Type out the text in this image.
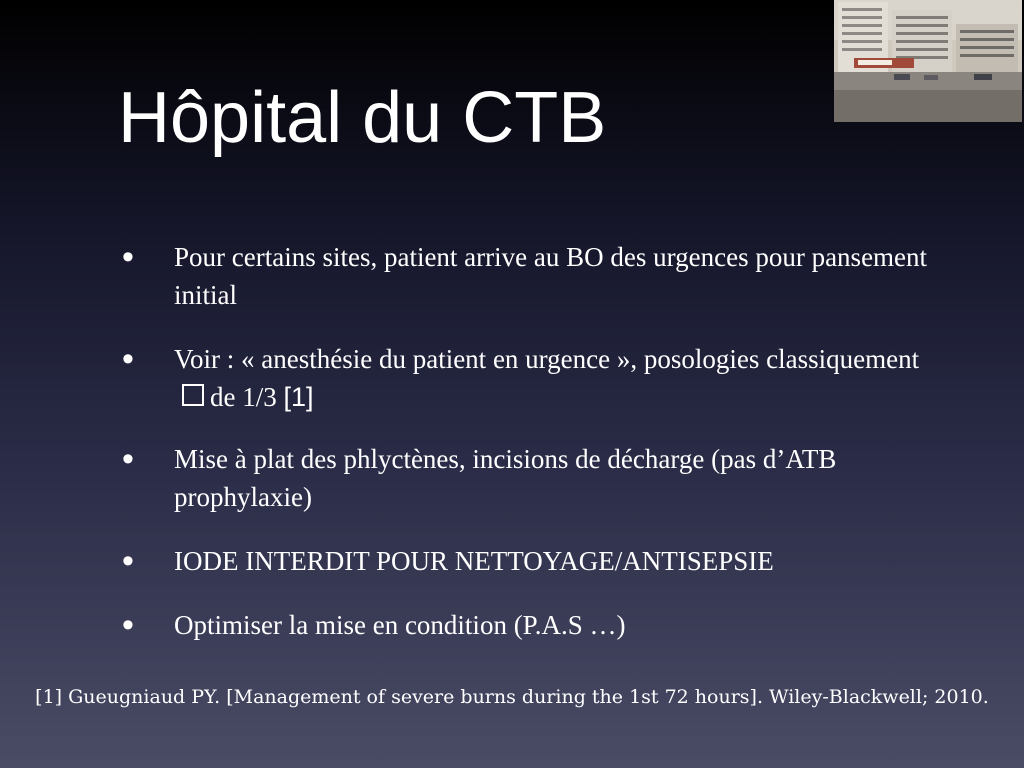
Hôpital du CTB
• Pour certains sites, patient arrive au BO des urgences pour pansement initial
• Voir : « anesthésie du patient en urgence », posologies classiquementde 1/3 [1]
• Mise à plat des phlyctènes, incisions de décharge (pas d’ATB prophylaxie)
• IODE INTERDIT POUR NETTOYAGE/ANTISEPSIE
• Optimiser la mise en condition (P.A.S …)
[1] Gueugniaud PY. [Management of severe burns during the 1st 72 hours]. Wiley-Blackwell; 2010.
